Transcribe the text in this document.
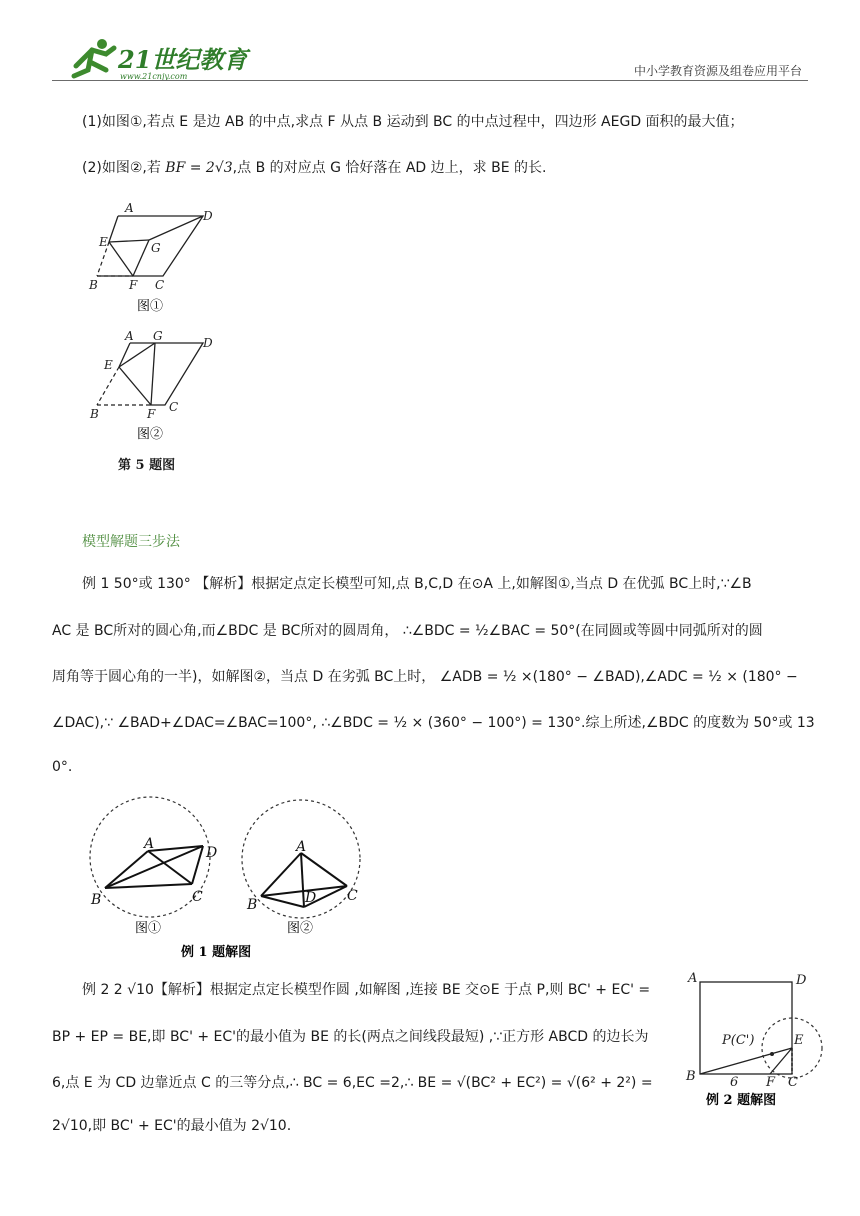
21世纪教育
www.21cnjy.com	中小学教育资源及组卷应用平台
(1)如图①,若点 E 是边 AB 的中点,求点 F 从点 B 运动到 BC 的中点过程中，四边形 AEGD 面积的最大值；
(2)如图②,若 BF = 2√3,点 B 的对应点 G 恰好落在 AD 边上，求 BE 的长.
A
D
E	G
B	F C
图①
A G	D
E
B	F C
图②
第 5 题图
模型解题三步法
例 1 50°或 130° 【解析】根据定点定长模型可知,点 B,C,D 在⊙A 上,如解图①,当点 D 在优弧 BC上时,∵∠B
AC 是 BC所对的圆心角,而∠BDC 是 BC所对的圆周角， ∴∠BDC = ½∠BAC = 50°(在同圆或等圆中同弧所对的圆
周角等于圆心角的一半)，如解图②，当点 D 在劣弧 BC上时， ∠ADB = ½ ×(180° − ∠BAD),∠ADC = ½ × (180° −
∠DAC),∵ ∠BAD+∠DAC=∠BAC=100°, ∴∠BDC = ½ × (360° − 100°) = 130°.综上所述,∠BDC 的度数为 50°或 13
0°.
A
D
B	C
图①
A
D
B
C
图②
例 1 题解图
例 2 2 √10【解析】根据定点定长模型作圆 ,如解图 ,连接 BE 交⊙E 于点 P,则 BC' + EC' =
BP + EP = BE,即 BC' + EC'的最小值为 BE 的长(两点之间线段最短) ,∵正方形 ABCD 的边长为
6,点 E 为 CD 边靠近点 C 的三等分点,∴ BC = 6,EC =2,∴ BE = √(BC² + EC²) = √(6² + 2²) =
2√10,即 BC' + EC'的最小值为 2√10.
A	D
P(C')	E
B	6 F C
例 2 题解图
